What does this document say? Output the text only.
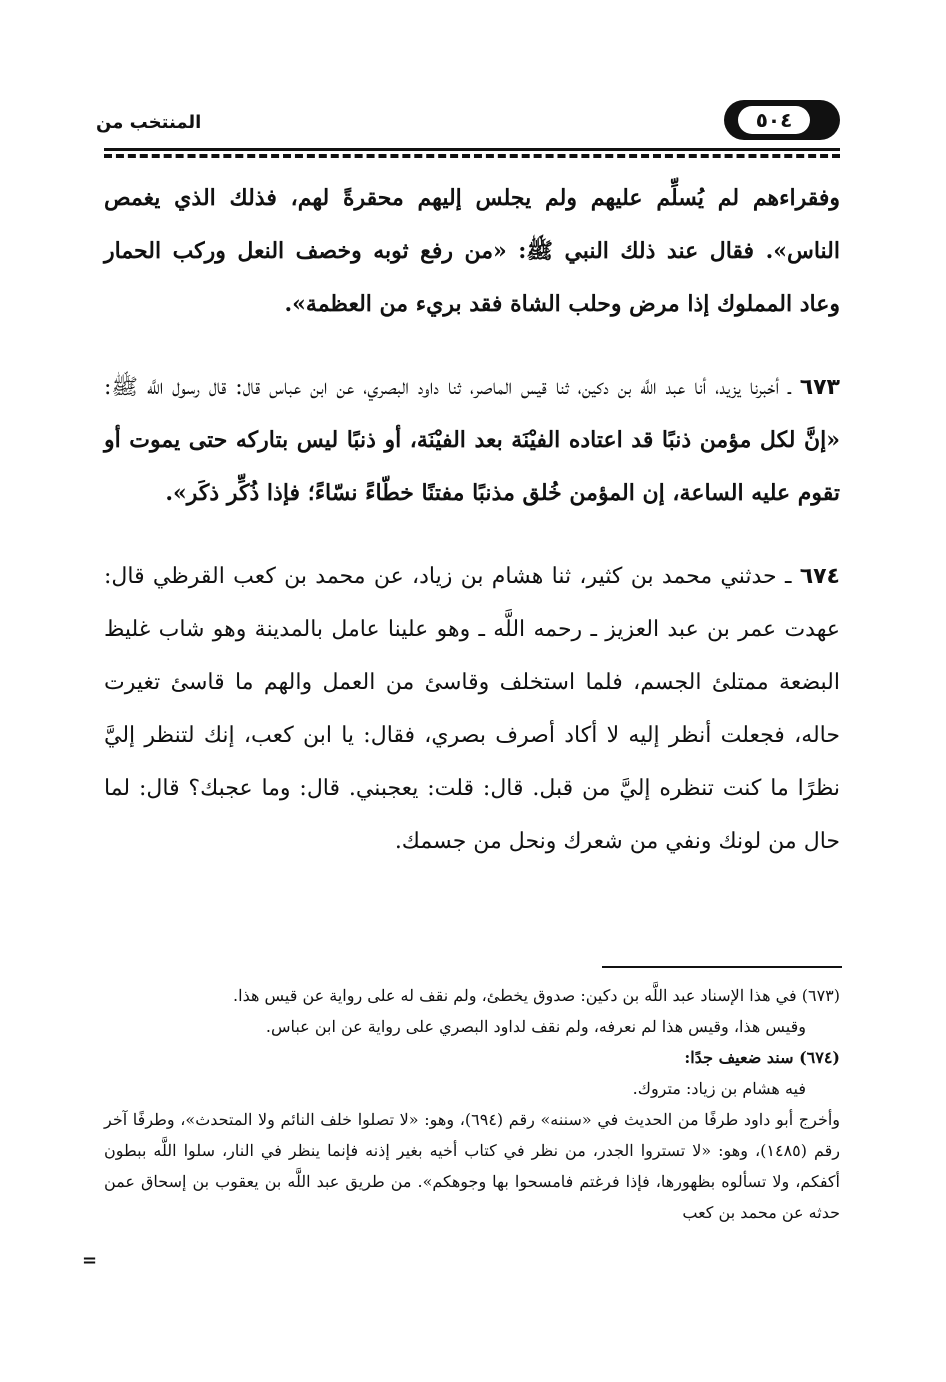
المنتخب من	٥٠٤

وفقراءهم لم يُسلِّم عليهم ولم يجلس إليهم محقرةً لهم، فذلك الذي يغمص الناس». فقال عند ذلك النبي ﷺ: «من رفع ثوبه وخصف النعل وركب الحمار وعاد المملوك إذا مرض وحلب الشاة فقد بريء من العظمة».

٦٧٣ ـ أخبرنا يزيد، أنا عبد اللَّه بن دكين، ثنا قيس الماصر، ثنا داود البصري، عن ابن عباس قال: قال رسول اللَّه ﷺ: «إنَّ لكل مؤمن ذنبًا قد اعتاده الفيْنَة بعد الفيْنَة، أو ذنبًا ليس بتاركه حتى يموت أو تقوم عليه الساعة، إن المؤمن خُلق مذنبًا مفتنًا خطّاءً نسّاءً؛ فإذا ذُكِّر ذكَر».

٦٧٤ ـ حدثني محمد بن كثير، ثنا هشام بن زياد، عن محمد بن كعب القرظي قال: عهدت عمر بن عبد العزيز ـ رحمه اللَّه ـ وهو علينا عامل بالمدينة وهو شاب غليظ البضعة ممتلئ الجسم، فلما استخلف وقاسئ من العمل والهم ما قاسئ تغيرت حاله، فجعلت أنظر إليه لا أكاد أصرف بصري، فقال: يا ابن كعب، إنك لتنظر إليَّ نظرًا ما كنت تنظره إليَّ من قبل. قال: قلت: يعجبني. قال: وما عجبك؟ قال: لما حال من لونك ونفي من شعرك ونحل من جسمك.

(٦٧٣) في هذا الإسناد عبد اللَّه بن دكين: صدوق يخطئ، ولم نقف له على رواية عن قيس هذا.

وقيس هذا، وقيس هذا لم نعرفه، ولم نقف لداود البصري على رواية عن ابن عباس.

(٦٧٤) سند ضعيف جدًا:

فيه هشام بن زياد: متروك.

وأخرج أبو داود طرفًا من الحديث في «سننه» رقم (٦٩٤)، وهو: «لا تصلوا خلف النائم ولا المتحدث»، وطرفًا آخر رقم (١٤٨٥)، وهو: «لا تستروا الجدر، من نظر في كتاب أخيه بغير إذنه فإنما ينظر في النار، سلوا اللَّه ببطون أكفكم، ولا تسألوه بظهورها، فإذا فرغتم فامسحوا بها وجوهكم». من طريق عبد اللَّه بن يعقوب بن إسحاق عمن حدثه عن محمد بن كعب

=
